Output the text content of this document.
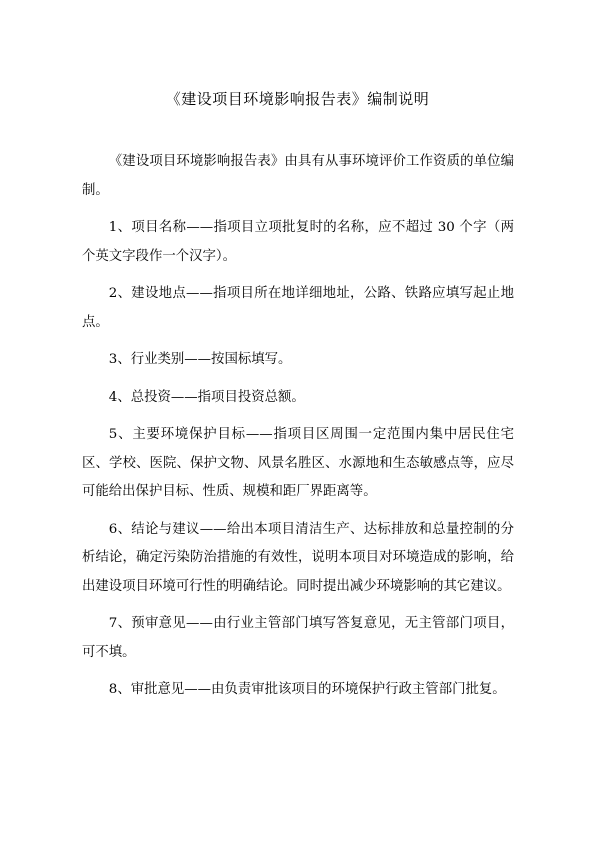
《建设项目环境影响报告表》编制说明

《建设项目环境影响报告表》由具有从事环境评价工作资质的单位编制。

1、项目名称——指项目立项批复时的名称，应不超过 30 个字（两个英文字段作一个汉字）。

2、建设地点——指项目所在地详细地址，公路、铁路应填写起止地点。

3、行业类别——按国标填写。

4、总投资——指项目投资总额。

5、主要环境保护目标——指项目区周围一定范围内集中居民住宅区、学校、医院、保护文物、风景名胜区、水源地和生态敏感点等，应尽可能给出保护目标、性质、规模和距厂界距离等。

6、结论与建议——给出本项目清洁生产、达标排放和总量控制的分析结论，确定污染防治措施的有效性，说明本项目对环境造成的影响，给出建设项目环境可行性的明确结论。同时提出减少环境影响的其它建议。

7、预审意见——由行业主管部门填写答复意见，无主管部门项目，可不填。

8、审批意见——由负责审批该项目的环境保护行政主管部门批复。
